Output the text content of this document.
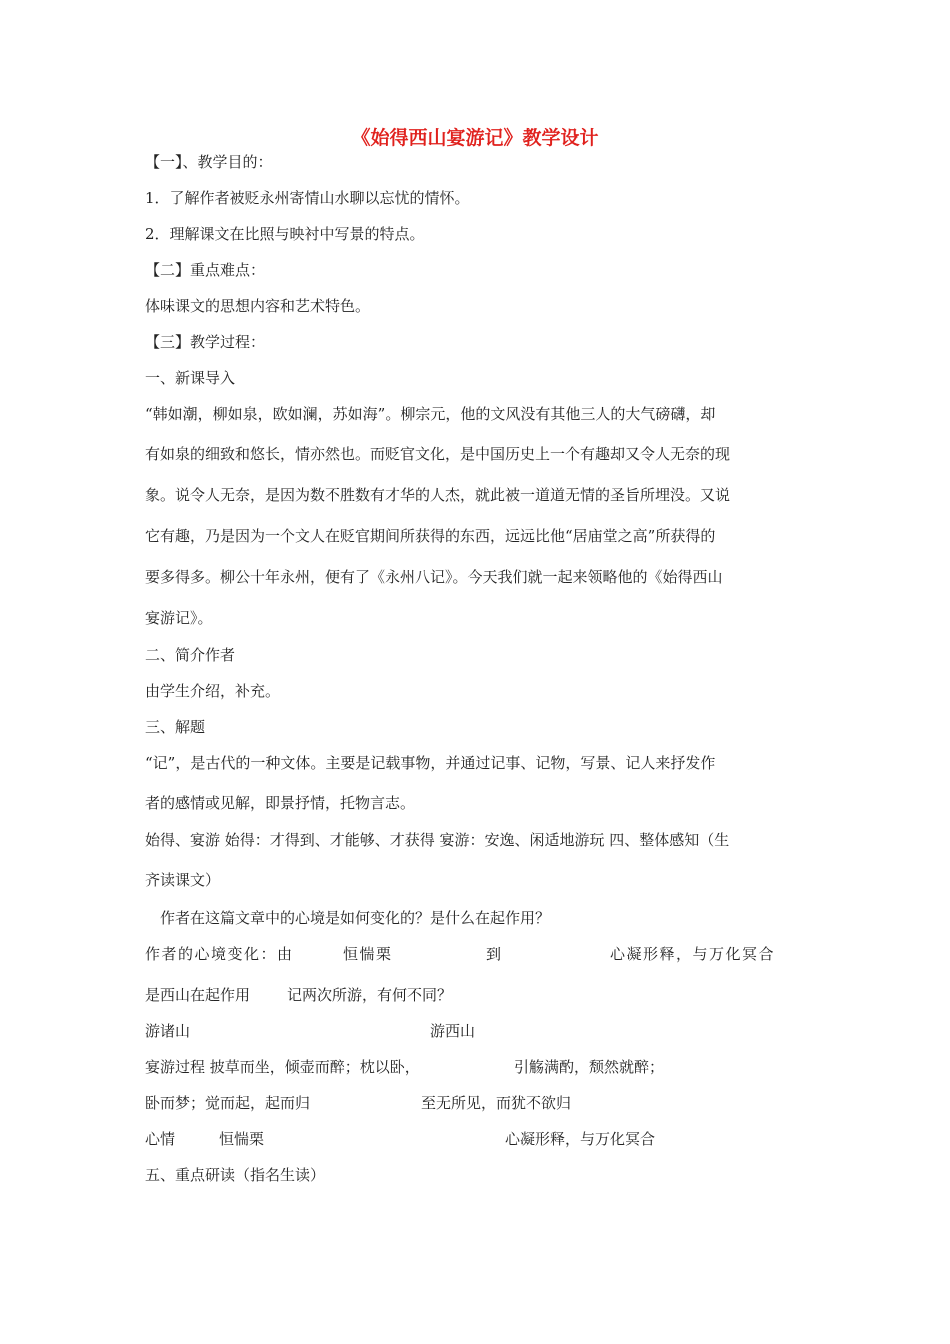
《始得西山宴游记》教学设计
【一】、教学目的：
1．了解作者被贬永州寄情山水聊以忘忧的情怀。
2．理解课文在比照与映衬中写景的特点。
【二】重点难点：
体味课文的思想内容和艺术特色。
【三】教学过程：
一、新课导入
“韩如潮，柳如泉，欧如澜，苏如海”。柳宗元，他的文风没有其他三人的大气磅礴，却
有如泉的细致和悠长，情亦然也。而贬官文化，是中国历史上一个有趣却又令人无奈的现
象。说令人无奈，是因为数不胜数有才华的人杰，就此被一道道无情的圣旨所埋没。又说
它有趣，乃是因为一个文人在贬官期间所获得的东西，远远比他“居庙堂之高”所获得的
要多得多。柳公十年永州，便有了《永州八记》。今天我们就一起来领略他的《始得西山
宴游记》。
二、简介作者
由学生介绍，补充。
三、解题
“记”，是古代的一种文体。主要是记载事物，并通过记事、记物，写景、记人来抒发作
者的感情或见解，即景抒情，托物言志。
始得、宴游 始得：才得到、才能够、才获得 宴游：安逸、闲适地游玩 四、整体感知（生
齐读课文）
作者在这篇文章中的心境是如何变化的？是什么在起作用？
作者的心境变化：由	恒惴栗	到	心凝形释，与万化冥合
是西山在起作用 记两次所游，有何不同？
游诸山	游西山
宴游过程 披草而坐，倾壶而醉；枕以卧，	引觞满酌，颓然就醉；
卧而梦；觉而起，起而归	至无所见，而犹不欲归
心情	恒惴栗	心凝形释，与万化冥合
五、重点研读（指名生读）
